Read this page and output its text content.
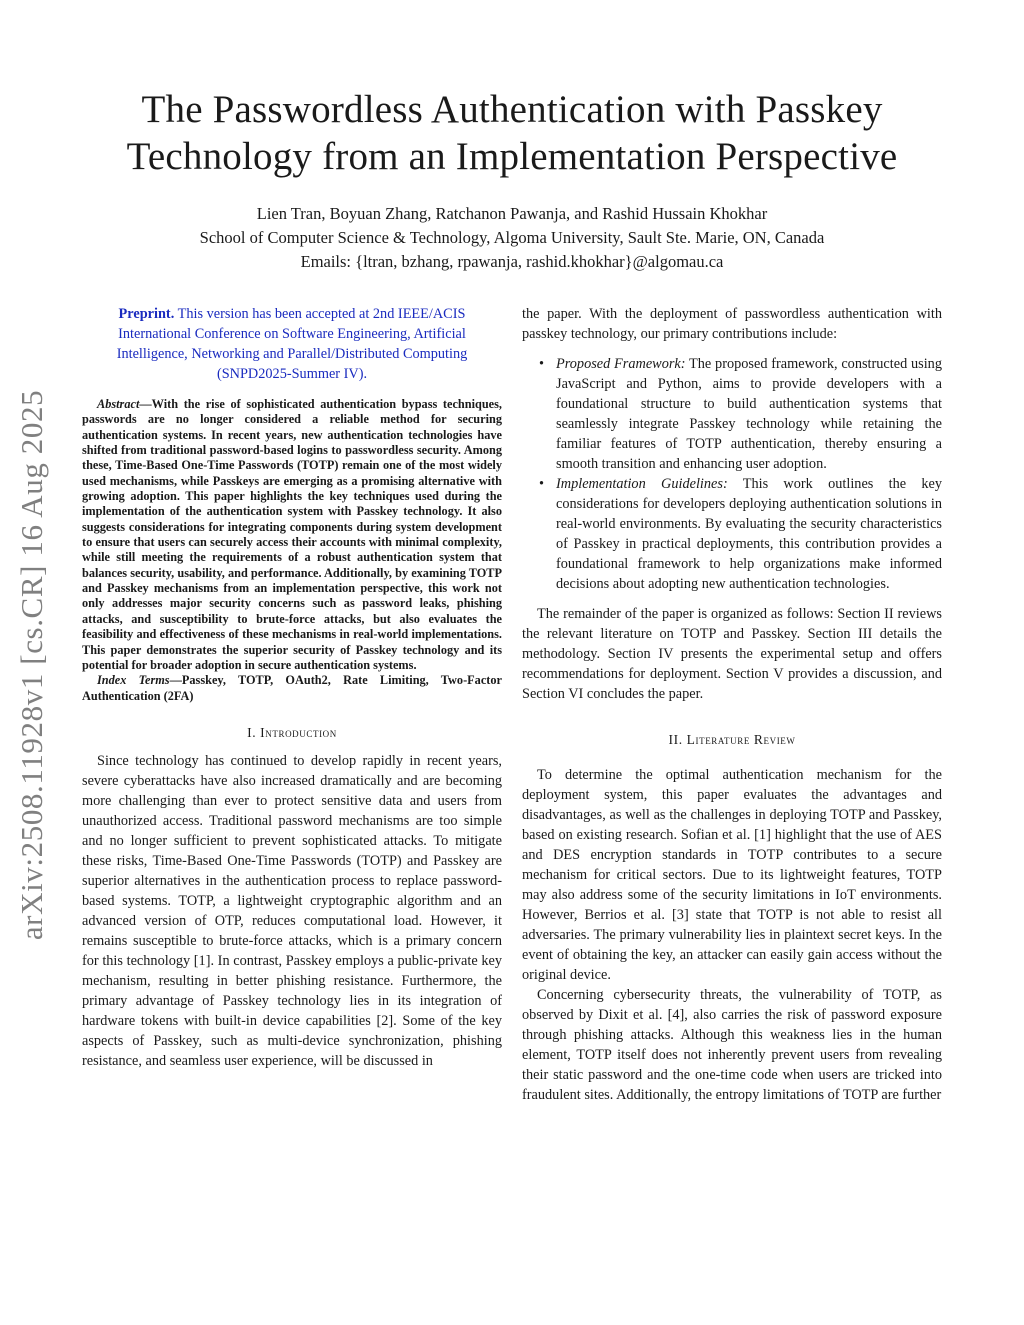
The Passwordless Authentication with Passkey
Technology from an Implementation Perspective
Lien Tran, Boyuan Zhang, Ratchanon Pawanja, and Rashid Hussain Khokhar
School of Computer Science & Technology, Algoma University, Sault Ste. Marie, ON, Canada
Emails: {ltran, bzhang, rpawanja, rashid.khokhar}@algomau.ca
arXiv:2508.11928v1 [cs.CR] 16 Aug 2025

Preprint. This version has been accepted at 2nd IEEE/ACIS International Conference on Software Engineering, Artificial Intelligence, Networking and Parallel/Distributed Computing (SNPD2025-Summer IV).

Abstract—With the rise of sophisticated authentication bypass techniques, passwords are no longer considered a reliable method for securing authentication systems. In recent years, new authentication technologies have shifted from traditional password-based logins to passwordless security. Among these, Time-Based One-Time Passwords (TOTP) remain one of the most widely used mechanisms, while Passkeys are emerging as a promising alternative with growing adoption. This paper highlights the key techniques used during the implementation of the authentication system with Passkey technology. It also suggests considerations for integrating components during system development to ensure that users can securely access their accounts with minimal complexity, while still meeting the requirements of a robust authentication system that balances security, usability, and performance. Additionally, by examining TOTP and Passkey mechanisms from an implementation perspective, this work not only addresses major security concerns such as password leaks, phishing attacks, and susceptibility to brute-force attacks, but also evaluates the feasibility and effectiveness of these mechanisms in real-world implementations. This paper demonstrates the superior security of Passkey technology and its potential for broader adoption in secure authentication systems.

Index Terms—Passkey, TOTP, OAuth2, Rate Limiting, Two-Factor Authentication (2FA)

I. Introduction

Since technology has continued to develop rapidly in recent years, severe cyberattacks have also increased dramatically and are becoming more challenging than ever to protect sensitive data and users from unauthorized access. Traditional password mechanisms are too simple and no longer sufficient to prevent sophisticated attacks. To mitigate these risks, Time-Based One-Time Passwords (TOTP) and Passkey are superior alternatives in the authentication process to replace password-based systems. TOTP, a lightweight cryptographic algorithm and an advanced version of OTP, reduces computational load. However, it remains susceptible to brute-force attacks, which is a primary concern for this technology [1]. In contrast, Passkey employs a public-private key mechanism, resulting in better phishing resistance. Furthermore, the primary advantage of Passkey technology lies in its integration of hardware tokens with built-in device capabilities [2]. Some of the key aspects of Passkey, such as multi-device synchronization, phishing resistance, and seamless user experience, will be discussed in

the paper. With the deployment of passwordless authentication with passkey technology, our primary contributions include:

• Proposed Framework: The proposed framework, constructed using JavaScript and Python, aims to provide developers with a foundational structure to build authentication systems that seamlessly integrate Passkey technology while retaining the familiar features of TOTP authentication, thereby ensuring a smooth transition and enhancing user adoption.
• Implementation Guidelines: This work outlines the key considerations for developers deploying authentication solutions in real-world environments. By evaluating the security characteristics of Passkey in practical deployments, this contribution provides a foundational framework to help organizations make informed decisions about adopting new authentication technologies.

The remainder of the paper is organized as follows: Section II reviews the relevant literature on TOTP and Passkey. Section III details the methodology. Section IV presents the experimental setup and offers recommendations for deployment. Section V provides a discussion, and Section VI concludes the paper.

II. Literature Review

To determine the optimal authentication mechanism for the deployment system, this paper evaluates the advantages and disadvantages, as well as the challenges in deploying TOTP and Passkey, based on existing research. Sofian et al. [1] highlight that the use of AES and DES encryption standards in TOTP contributes to a secure mechanism for critical sectors. Due to its lightweight features, TOTP may also address some of the security limitations in IoT environments. However, Berrios et al. [3] state that TOTP is not able to resist all adversaries. The primary vulnerability lies in plaintext secret keys. In the event of obtaining the key, an attacker can easily gain access without the original device.

Concerning cybersecurity threats, the vulnerability of TOTP, as observed by Dixit et al. [4], also carries the risk of password exposure through phishing attacks. Although this weakness lies in the human element, TOTP itself does not inherently prevent users from revealing their static password and the one-time code when users are tricked into fraudulent sites. Additionally, the entropy limitations of TOTP are further
